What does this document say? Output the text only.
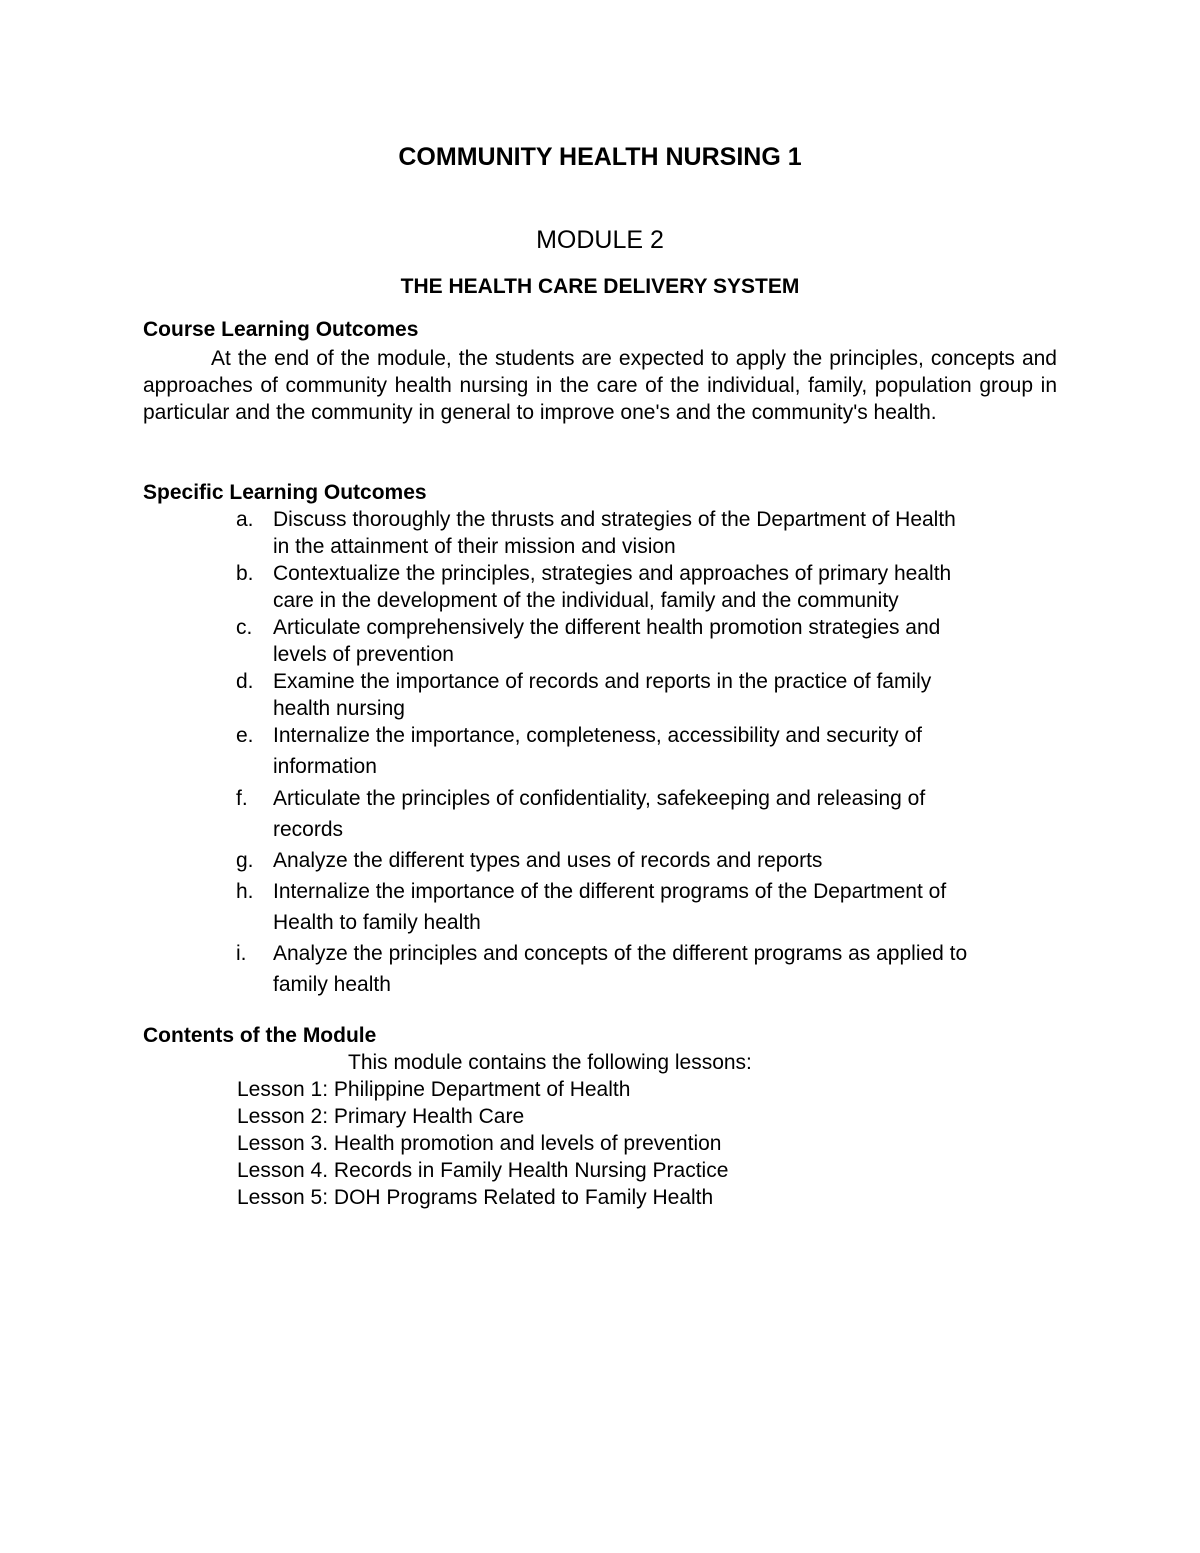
COMMUNITY HEALTH NURSING 1
MODULE 2
THE HEALTH CARE DELIVERY SYSTEM
Course Learning Outcomes

At the end of the module, the students are expected to apply the principles, concepts and approaches of community health nursing in the care of the individual, family, population group in particular and the community in general to improve one's and the community's health.

Specific Learning Outcomes
a. Discuss thoroughly the thrusts and strategies of the Department of Health
in the attainment of their mission and vision
b. Contextualize the principles, strategies and approaches of primary health
care in the development of the individual, family and the community
c. Articulate comprehensively the different health promotion strategies and
levels of prevention
d. Examine the importance of records and reports in the practice of family
health nursing
e. Internalize the importance, completeness, accessibility and security of
information
f. Articulate the principles of confidentiality, safekeeping and releasing of
records
g. Analyze the different types and uses of records and reports
h. Internalize the importance of the different programs of the Department of
Health to family health
i. Analyze the principles and concepts of the different programs as applied to
family health
Contents of the Module
This module contains the following lessons:
Lesson 1: Philippine Department of Health
Lesson 2: Primary Health Care
Lesson 3. Health promotion and levels of prevention
Lesson 4. Records in Family Health Nursing Practice
Lesson 5: DOH Programs Related to Family Health
